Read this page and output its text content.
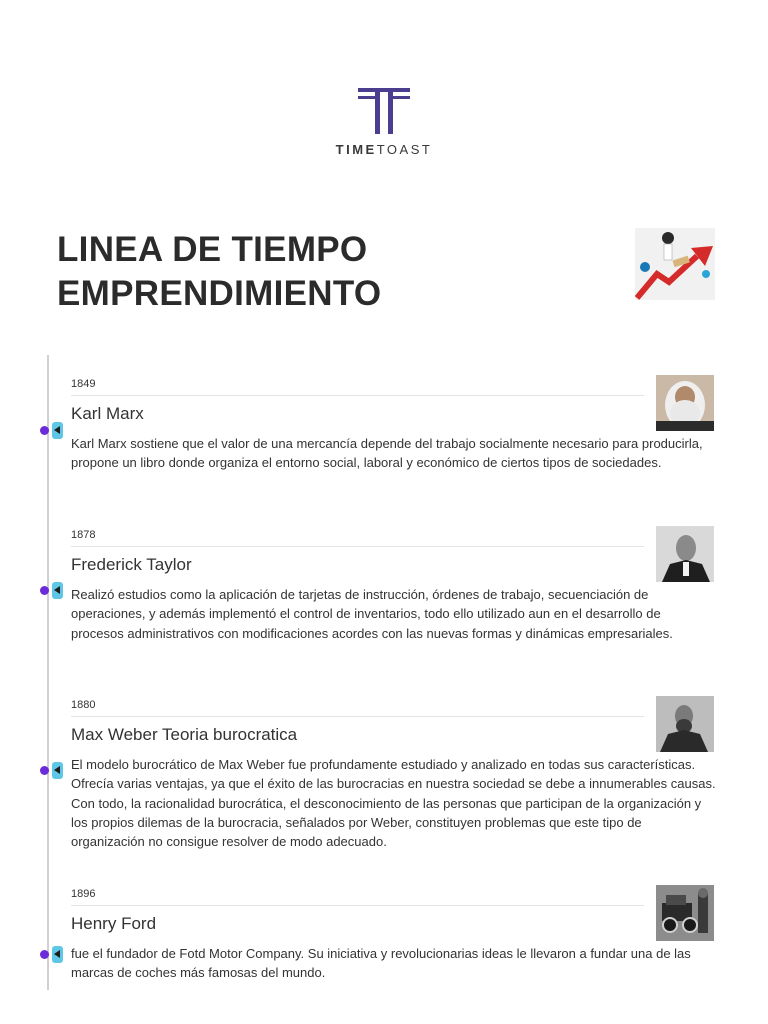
TIMETOAST
LINEA DE TIEMPO EMPRENDIMIENTO
1849
Karl Marx
Karl Marx sostiene que el valor de una mercancía depende del trabajo socialmente necesario para producirla, propone un libro donde organiza el entorno social, laboral y económico de ciertos tipos de sociedades.
1878
Frederick Taylor
Realizó estudios como la aplicación de tarjetas de instrucción, órdenes de trabajo, secuenciación de operaciones, y además implementó el control de inventarios, todo ello utilizado aun en el desarrollo de procesos administrativos con modificaciones acordes con las nuevas formas y dinámicas empresariales.
1880
Max Weber Teoria burocratica
El modelo burocrático de Max Weber fue profundamente estudiado y analizado en todas sus características. Ofrecía varias ventajas, ya que el éxito de las burocracias en nuestra sociedad se debe a innumerables causas. Con todo, la racionalidad burocrática, el desconocimiento de las personas que participan de la organización y los propios dilemas de la burocracia, señalados por Weber, constituyen problemas que este tipo de organización no consigue resolver de modo adecuado.
1896
Henry Ford
fue el fundador de Fotd Motor Company. Su iniciativa y revolucionarias ideas le llevaron a fundar una de las marcas de coches más famosas del mundo.
